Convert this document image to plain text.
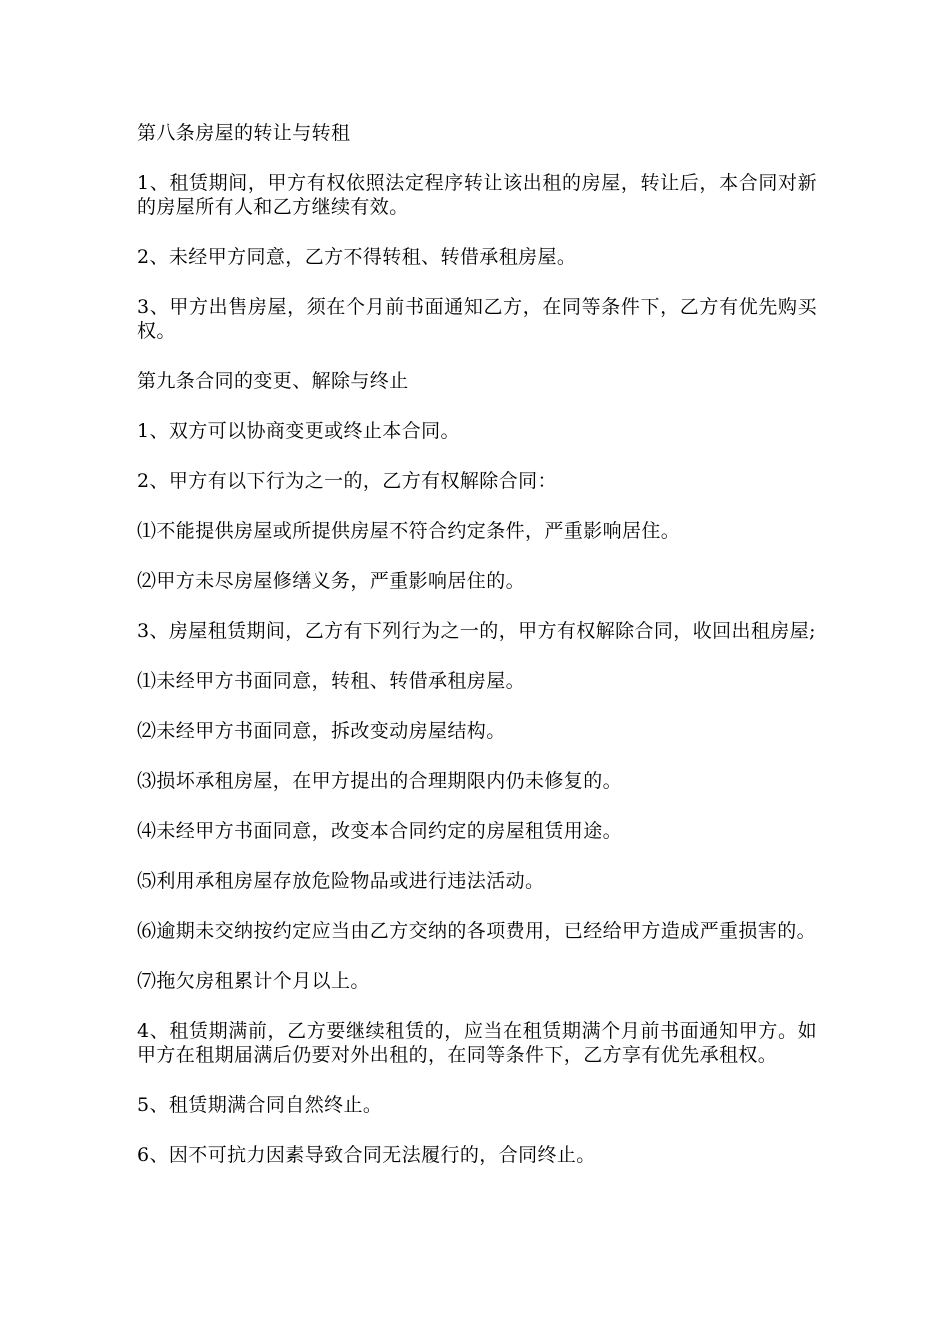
第八条房屋的转让与转租

1、租赁期间，甲方有权依照法定程序转让该出租的房屋，转让后，本合同对新的房屋所有人和乙方继续有效。

2、未经甲方同意，乙方不得转租、转借承租房屋。

3、甲方出售房屋，须在个月前书面通知乙方，在同等条件下，乙方有优先购买权。

第九条合同的变更、解除与终止

1、双方可以协商变更或终止本合同。

2、甲方有以下行为之一的，乙方有权解除合同：

⑴不能提供房屋或所提供房屋不符合约定条件，严重影响居住。

⑵甲方未尽房屋修缮义务，严重影响居住的。

3、房屋租赁期间，乙方有下列行为之一的，甲方有权解除合同，收回出租房屋;

⑴未经甲方书面同意，转租、转借承租房屋。

⑵未经甲方书面同意，拆改变动房屋结构。

⑶损坏承租房屋，在甲方提出的合理期限内仍未修复的。

⑷未经甲方书面同意，改变本合同约定的房屋租赁用途。

⑸利用承租房屋存放危险物品或进行违法活动。

⑹逾期未交纳按约定应当由乙方交纳的各项费用，已经给甲方造成严重损害的。

⑺拖欠房租累计个月以上。

4、租赁期满前，乙方要继续租赁的，应当在租赁期满个月前书面通知甲方。如甲方在租期届满后仍要对外出租的，在同等条件下，乙方享有优先承租权。

5、租赁期满合同自然终止。

6、因不可抗力因素导致合同无法履行的，合同终止。
